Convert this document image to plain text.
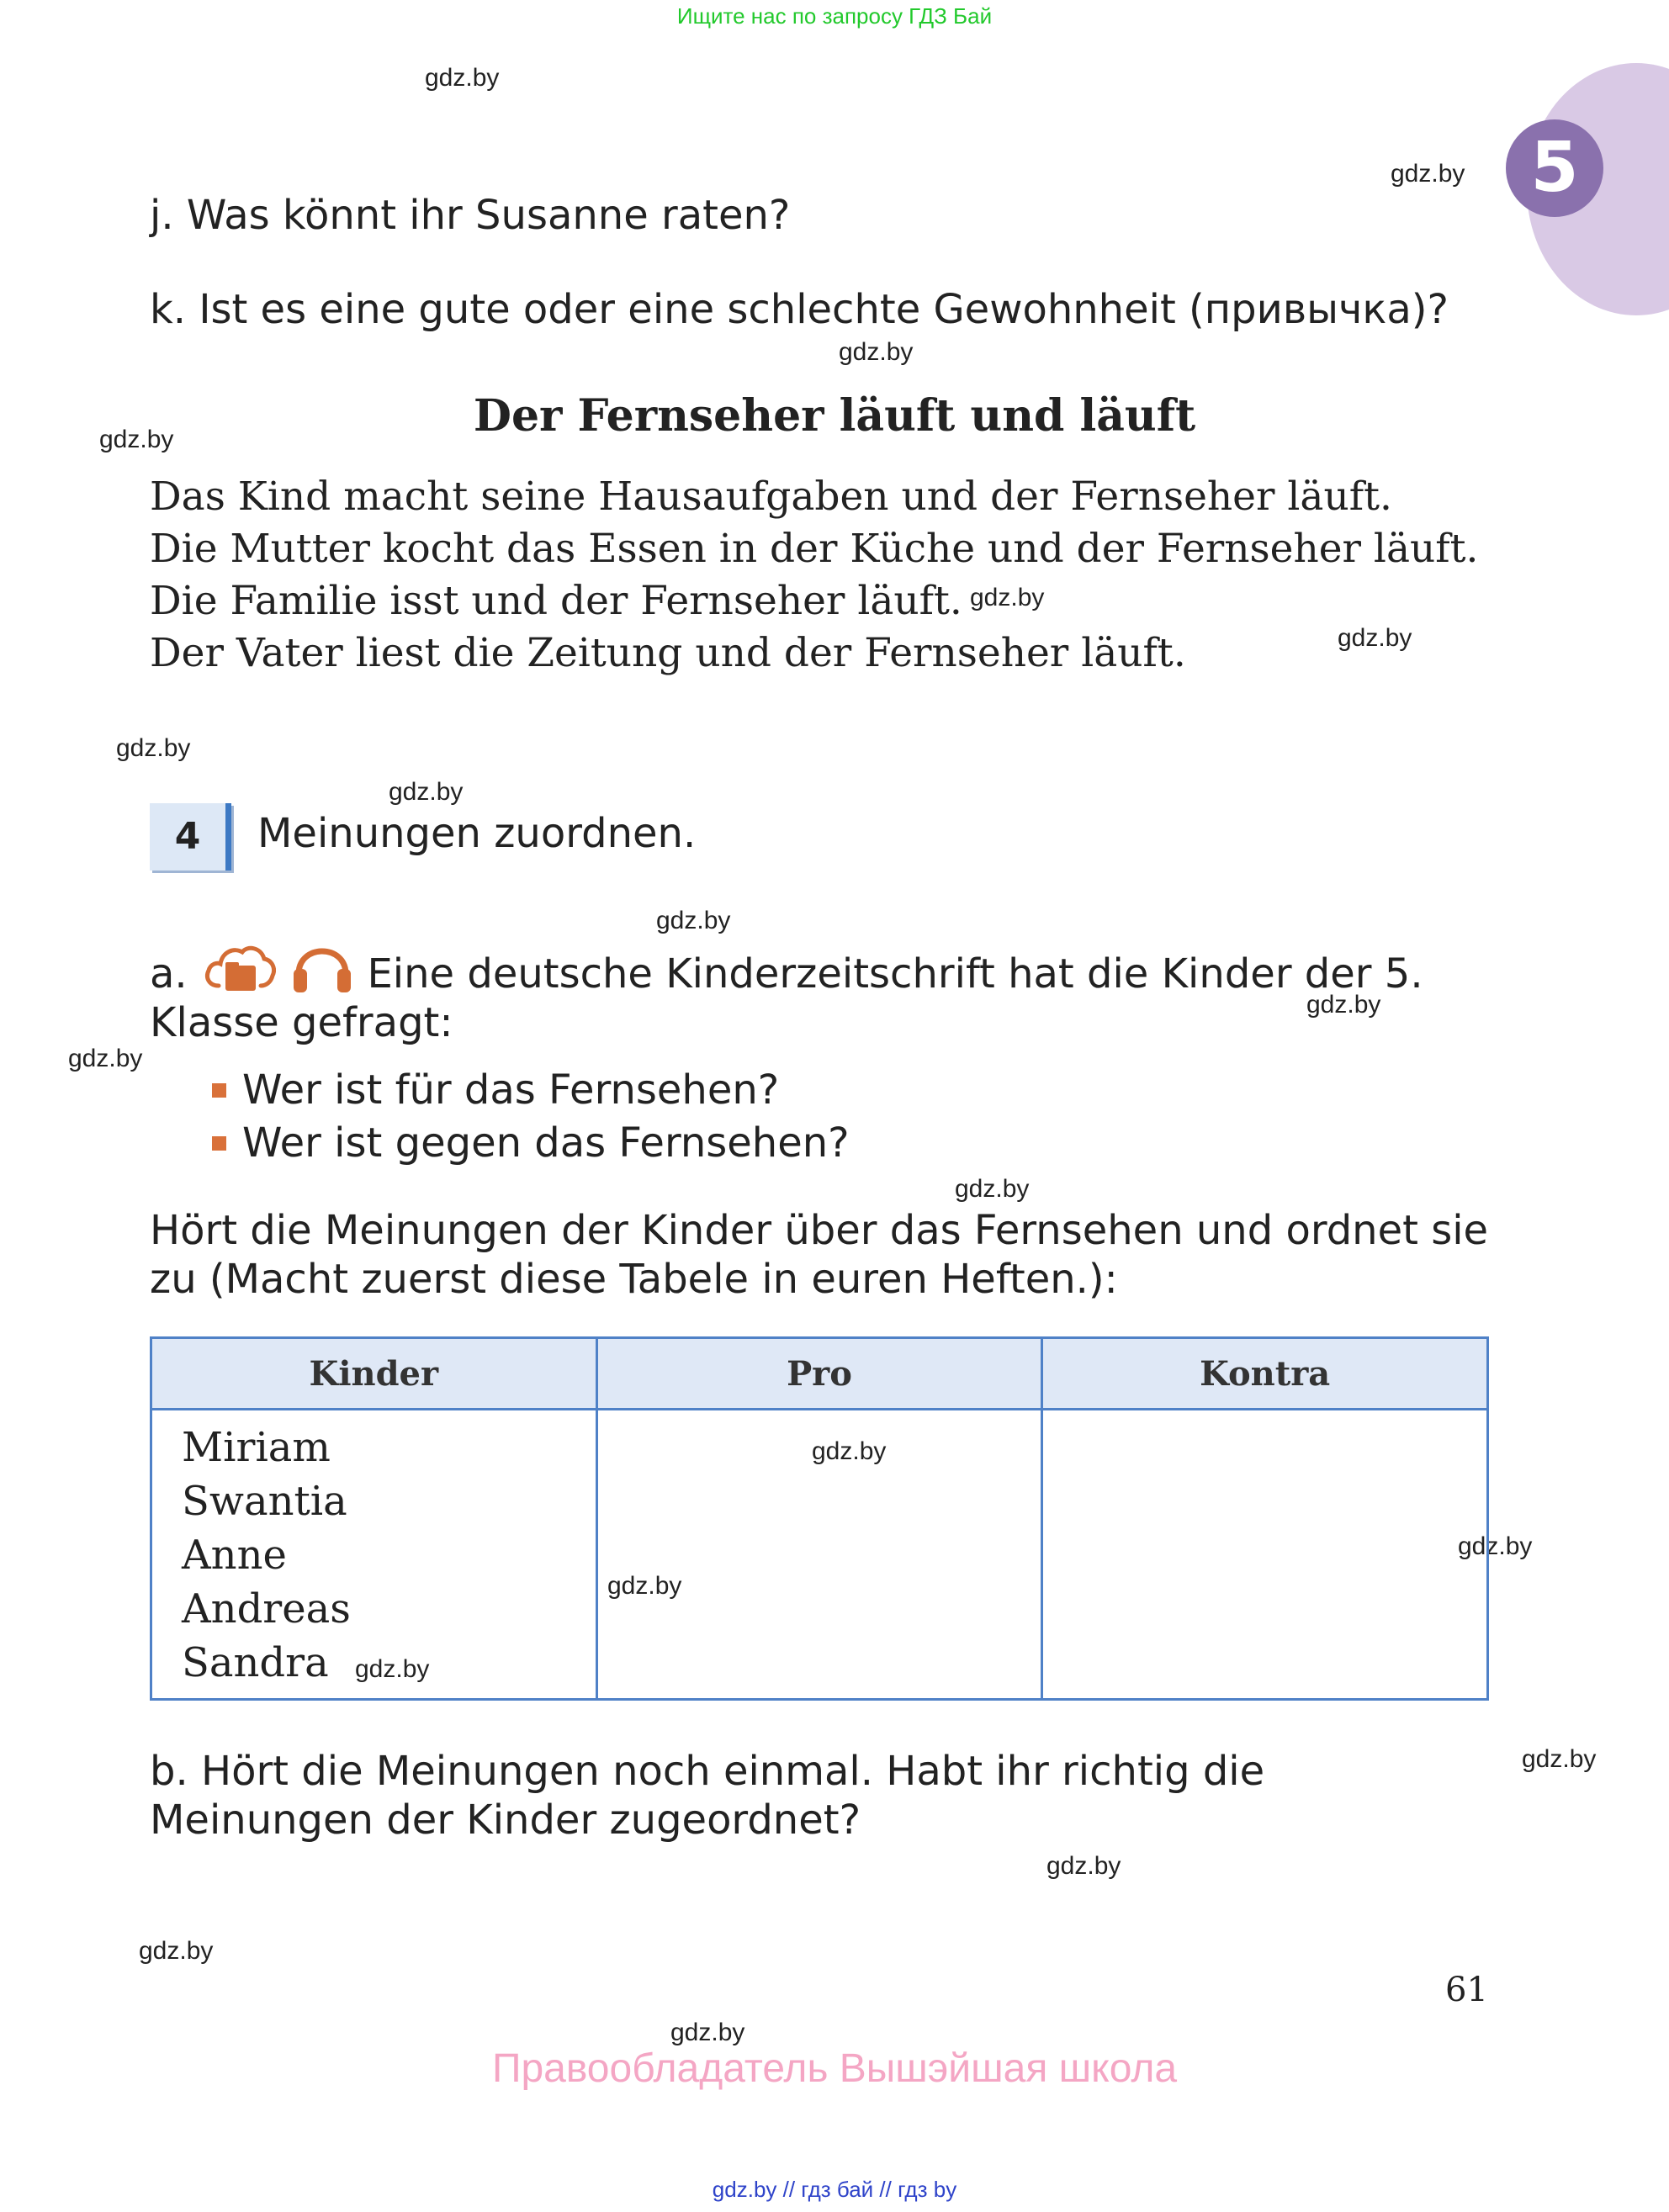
Ищите нас по запросу ГДЗ Бай
5
gdz.by
gdz.by
gdz.by
gdz.by
gdz.by
gdz.by
gdz.by
gdz.by
gdz.by
gdz.by
gdz.by
gdz.by
gdz.by
gdz.by
gdz.by
gdz.by
gdz.by
j. Was könnt ihr Susanne raten?
k. Ist es eine gute oder eine schlechte Gewohnheit (привычка)?
Der Fernseher läuft und läuft

Das Kind macht seine Hausaufgaben und der Fernseher läuft.

Die Mutter kocht das Essen in der Küche und der Fernseher läuft.

Die Familie isst und der Fernseher läuft.

Der Vater liest die Zeitung und der Fernseher läuft.

4	Meinungen zuordnen.
a.	Eine deutsche Kinderzeitschrift hat die Kinder der 5. Klasse gefragt:
Wer ist für das Fernsehen?
Wer ist gegen das Fernsehen?
Hört die Meinungen der Kinder über das Fernsehen und ordnet sie zu (Macht zuerst diese Tabele in euren Heften.):
Kinder	Pro	Kontra

Miriam
Swantia
Anne
Andreas
Sandra		

gdz.by
gdz.by
gdz.by
b. Hört die Meinungen noch einmal. Habt ihr richtig die Meinungen der Kinder zugeordnet?
61
Правообладатель Вышэйшая школа
gdz.by // гдз бай // гдз by
